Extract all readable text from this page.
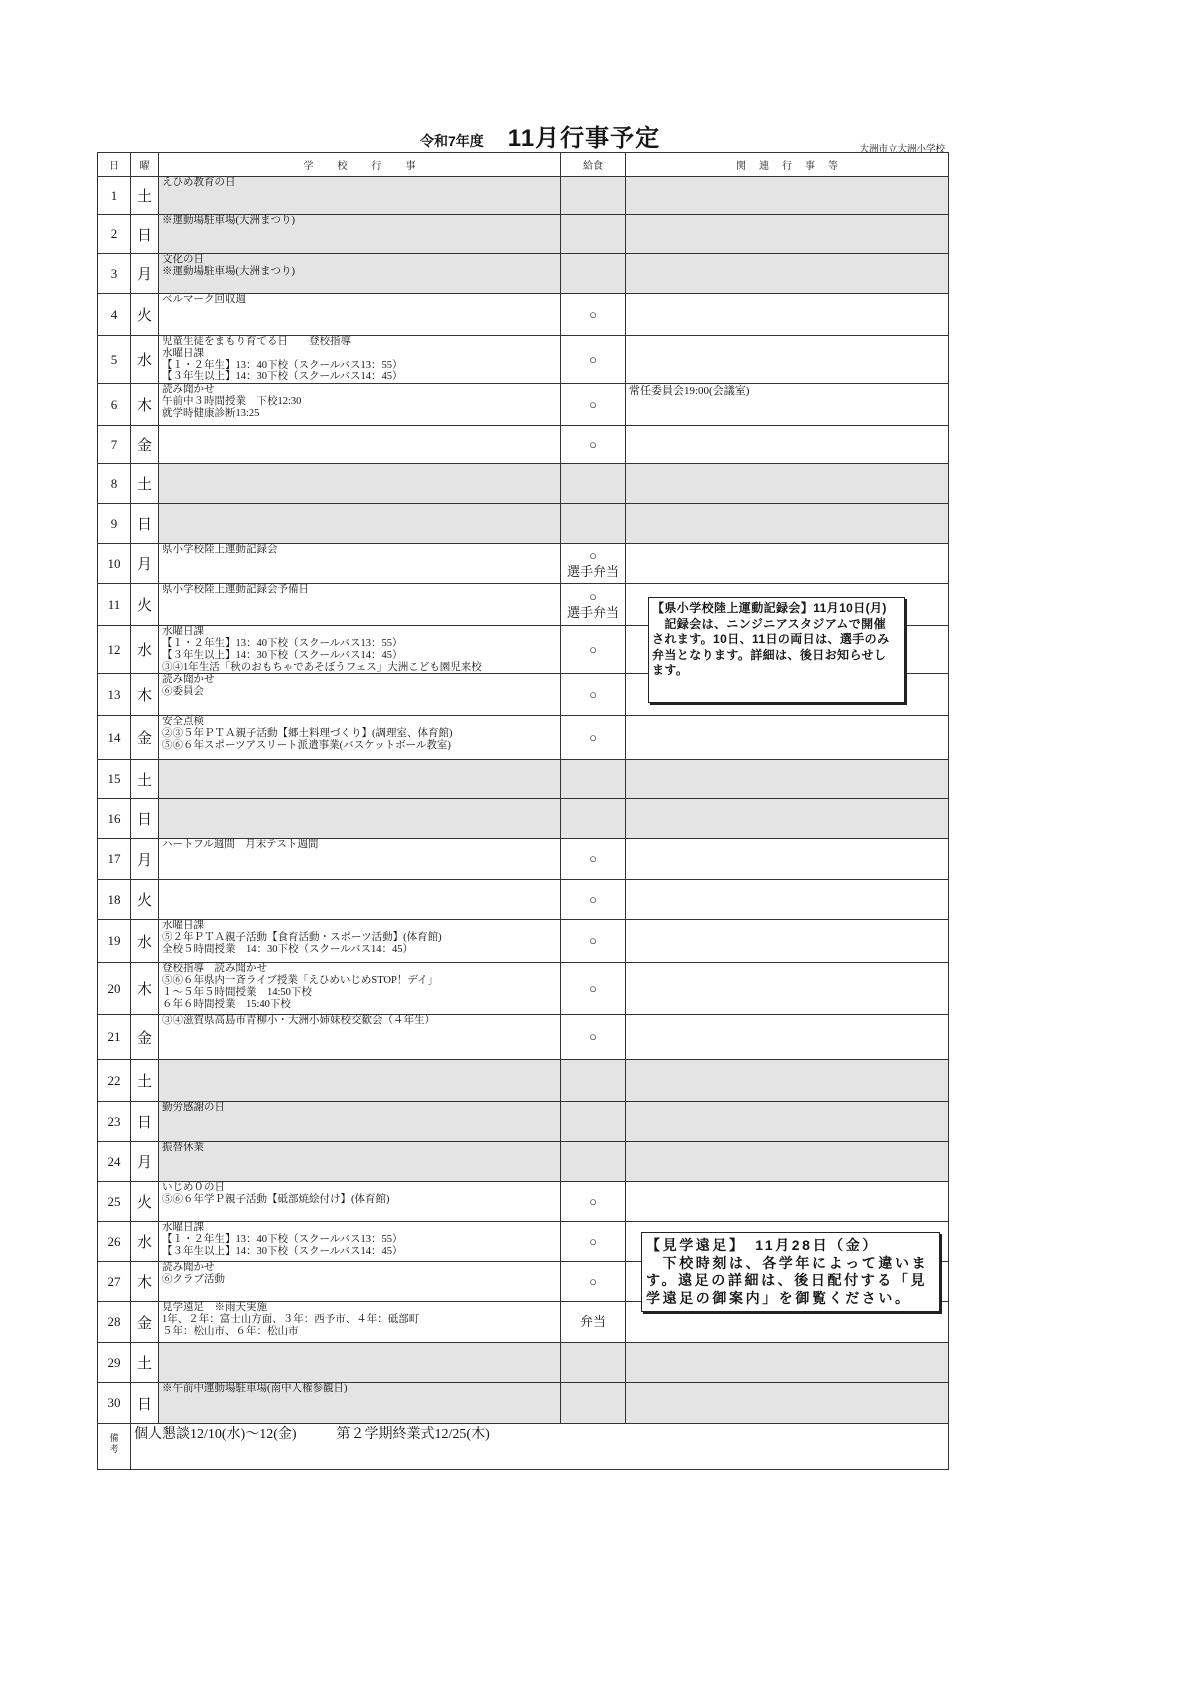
令和7年度 11月行事予定	大洲市立大洲小学校
日	曜	学校行事	給食	関連行事等
1	土	えひめ教育の日		

2	日	※運動場駐車場(大洲まつり)		

3	月	文化の日
※運動場駐車場(大洲まつり)		

4	火	ベルマーク回収週	○	

5	水	児童生徒をまもり育てる日　　登校指導
水曜日課
【１・２年生】13：40下校（スクールバス13：55）
【３年生以上】14：30下校（スクールバス14：45）	○	

6	木	読み聞かせ
午前中３時間授業　下校12:30
就学時健康診断13:25	○	常任委員会19:00(会議室)

7	金		○	

8	土			
9	日			
10	月	県小学校陸上運動記録会	○
選手弁当	

11	火	県小学校陸上運動記録会予備日	○
選手弁当	

12	水	水曜日課
【１・２年生】13：40下校（スクールバス13：55）
【３年生以上】14：30下校（スクールバス14：45）
③④1年生活「秋のおもちゃであそぼうフェス」大洲こども園児来校	○	

13	木	読み聞かせ
⑥委員会	○	

14	金	安全点検
②③５年ＰＴＡ親子活動【郷土料理づくり】(調理室、体育館)
⑤⑥６年スポーツアスリート派遣事業(バスケットボール教室)	○	

15	土			
16	日			
17	月	ハートフル週間　月末テスト週間	○	

18	火		○	

19	水	水曜日課
⑤２年ＰＴＡ親子活動【食育活動・スポーツ活動】(体育館)
全校５時間授業　14：30下校（スクールバス14：45）	○	

20	木	登校指導　読み聞かせ
⑤⑥６年県内一斉ライブ授業「えひめいじめSTOP！デイ」
１～５年５時間授業　14:50下校
６年６時間授業　15:40下校	○	

21	金	③④滋賀県高島市青柳小・大洲小姉妹校交歓会（４年生）	○	

22	土			
23	日	勤労感謝の日		

24	月	振替休業		

25	火	いじめ０の日
⑤⑥６年学Ｐ親子活動【砥部焼絵付け】(体育館)	○	

26	水	水曜日課
【１・２年生】13：40下校（スクールバス13：55）
【３年生以上】14：30下校（スクールバス14：45）	○	

27	木	読み聞かせ
⑥クラブ活動	○	

28	金	見学遠足　※雨天実施
1年、２年：富士山方面、３年：西予市、４年：砥部町
５年：松山市、６年：松山市	弁当	

29	土			
30	日	※午前中運動場駐車場(南中人権参観日)		

備考	個人懇談12/10(水)～12(金) 第２学期終業式12/25(木)			
【県小学校陸上運動記録会】11月10日(月)
　記録会は、ニンジニアスタジアムで開催
されます。10日、11日の両日は、選手のみ
弁当となります。詳細は、後日お知らせし
ます。
【見学遠足】　11月28日（金）
　下校時刻は、各学年によって違いま
す。遠足の詳細は、後日配付する「見
学遠足の御案内」を御覧ください。
